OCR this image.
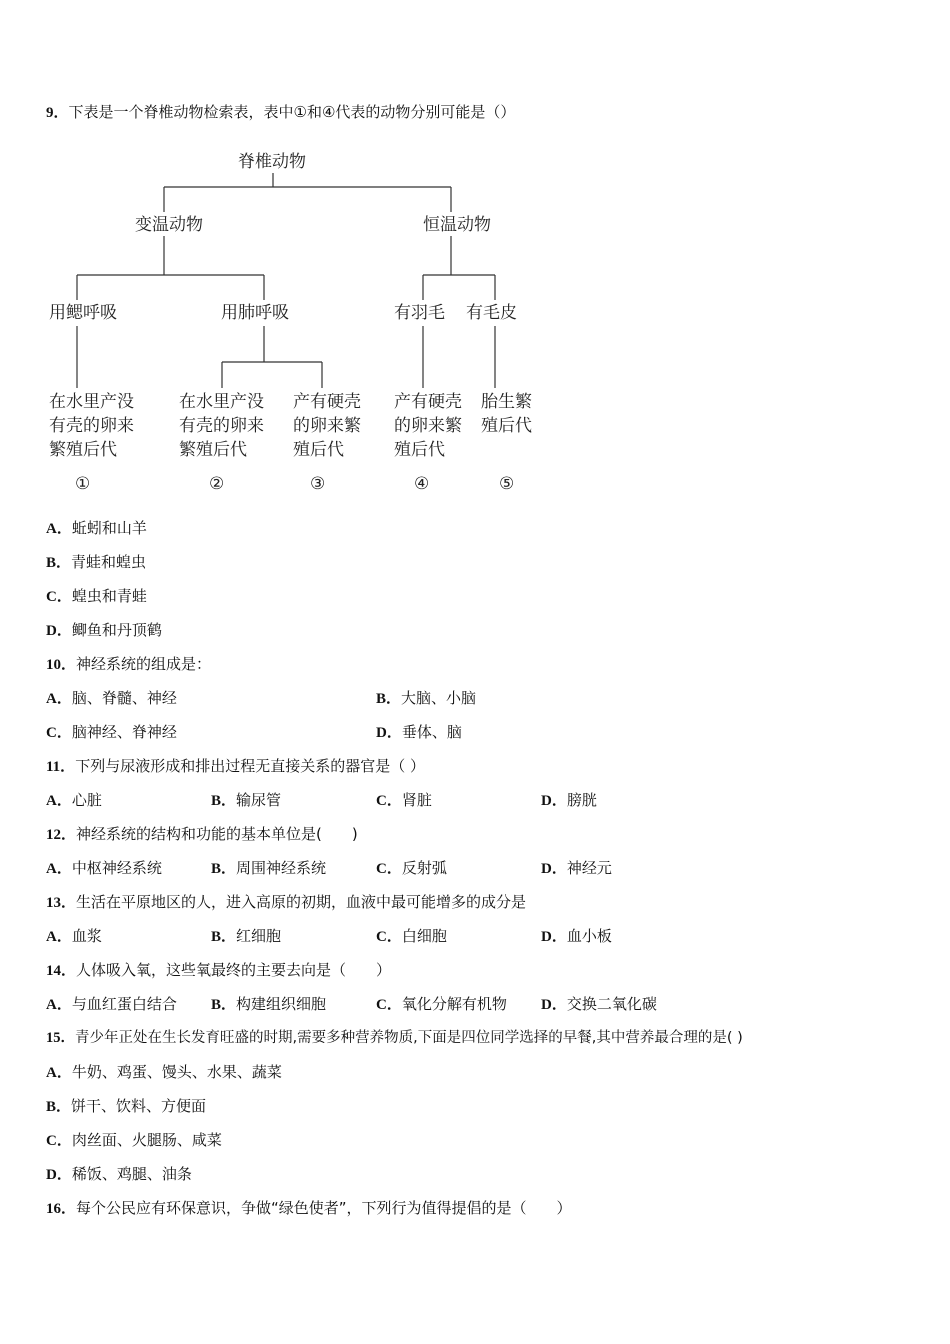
9．下表是一个脊椎动物检索表，表中①和④代表的动物分别可能是（）
脊椎动物
变温动物	恒温动物
用鳃呼吸	用肺呼吸	有羽毛 有毛皮
在水里产没
有壳的卵来
繁殖后代
在水里产没
有壳的卵来
繁殖后代
产有硬壳
的卵来繁
殖后代
产有硬壳
的卵来繁
殖后代
胎生繁
殖后代
①	②	③	④	⑤
A．蚯蚓和山羊
B．青蛙和蝗虫
C．蝗虫和青蛙
D．鲫鱼和丹顶鹤
10．神经系统的组成是：
A．脑、脊髓、神经	B．大脑、小脑
C．脑神经、脊神经	D．垂体、脑
11．下列与尿液形成和排出过程无直接关系的器官是（ ）
A．心脏	B．输尿管	C．肾脏	D．膀胱
12．神经系统的结构和功能的基本单位是(　　)
A．中枢神经系统	B．周围神经系统	C．反射弧	D．神经元
13．生活在平原地区的人，进入高原的初期，血液中最可能增多的成分是
A．血浆	B．红细胞	C．白细胞	D．血小板
14．人体吸入氧，这些氧最终的主要去向是（　　）
A．与血红蛋白结合 B．构建组织细胞	C．氧化分解有机物 D．交换二氧化碳
15．青少年正处在生长发育旺盛的时期,需要多种营养物质,下面是四位同学选择的早餐,其中营养最合理的是( )
A．牛奶、鸡蛋、馒头、水果、蔬菜
B．饼干、饮料、方便面
C．肉丝面、火腿肠、咸菜
D．稀饭、鸡腿、油条
16．每个公民应有环保意识，争做“绿色使者”，下列行为值得提倡的是（　　）
